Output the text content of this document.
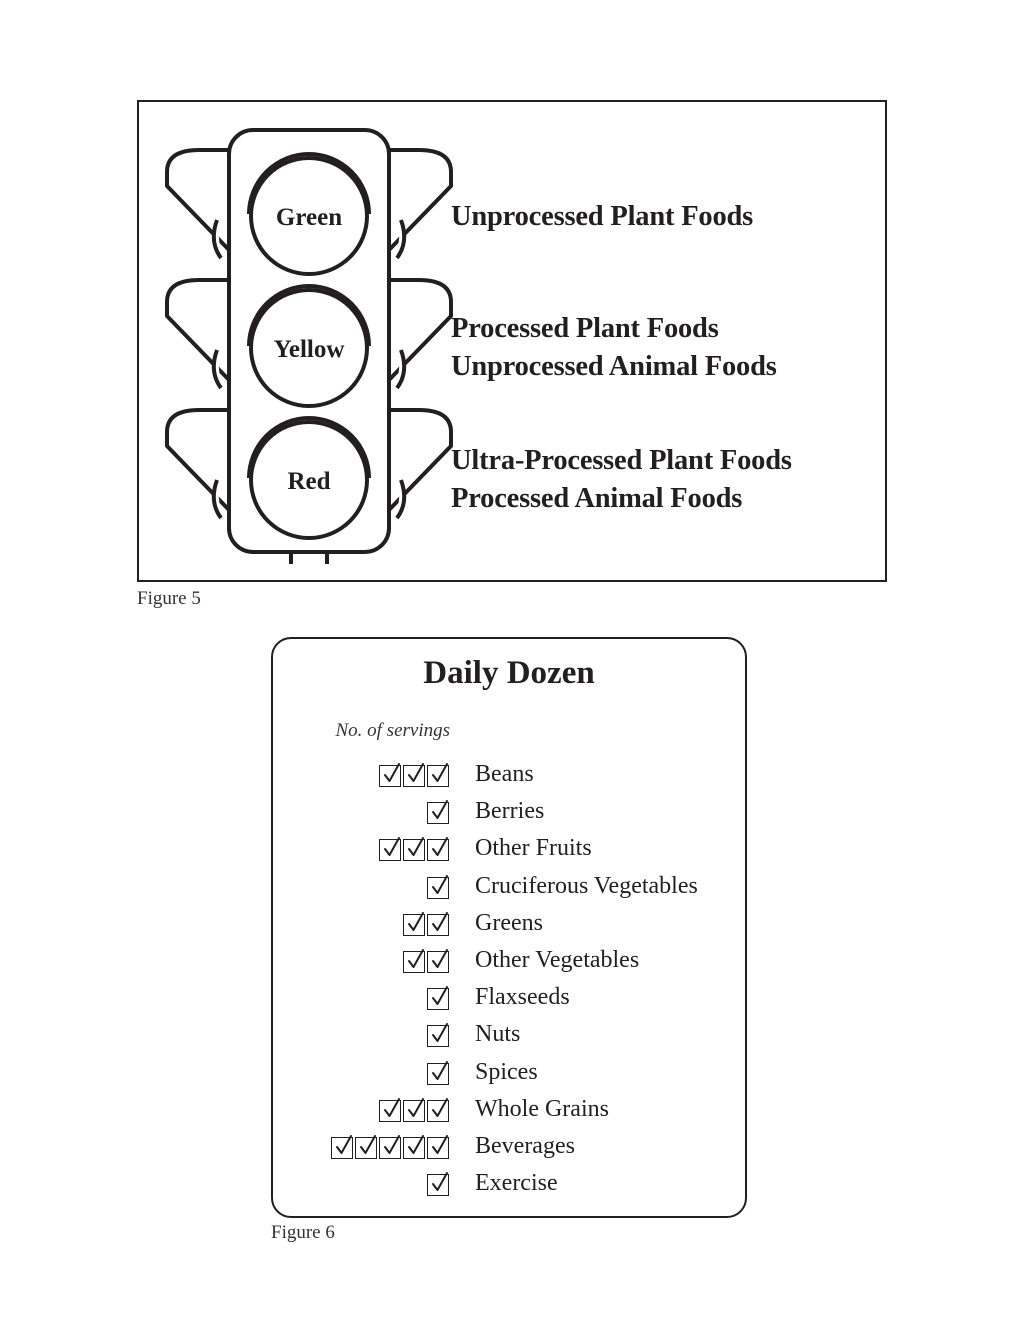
Green
Yellow
Red
Unprocessed Plant Foods
Processed Plant Foods
Unprocessed Animal Foods
Ultra-Processed Plant Foods
Processed Animal Foods
Figure 5
Daily Dozen
No. of servings
Beans
Berries
Other Fruits
Cruciferous Vegetables
Greens
Other Vegetables
Flaxseeds
Nuts
Spices
Whole Grains
Beverages
Exercise
Figure 6
